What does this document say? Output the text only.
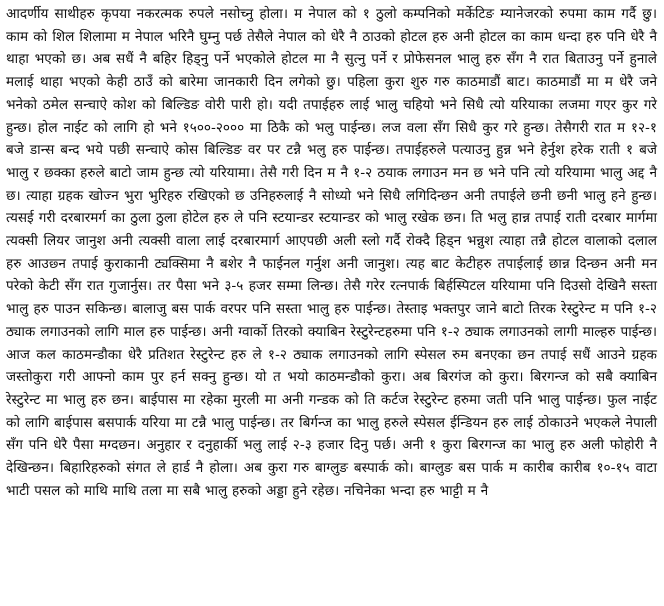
आदर्णीय साथीहरु कृपया नकरत्मक रुपले नसोच्नु होला। म नेपाल को १ ठुलो कम्पनिको मर्केटिङ म्यानेजरको रुपमा काम गर्दै छु। काम को शिल शिलामा म नेपाल भरिनै घुम्नु पर्छ तेसैले नेपाल को धेरै नै ठाउको होटल हरु अनी होटल का काम धन्दा हरु पनि धेरै नै थाहा भएको छ। अब सधैं नै बहिर हिड्नु पर्ने भएकोले होटल मा नै सुत्नु पर्ने र प्रोफेसनल भालु हरु सँग नै रात बिताउनु पर्ने हुनाले मलाई थाहा भएको केही ठाउँ को बारेमा जानकारी दिन लगेको छु। पहिला कुरा शुरु गरु काठमाडौं बाट। काठमाडौं मा म धेरै जने भनेको ठमेल सन्चाऐ कोश को बिल्डिङ वोरी पारी हो। यदी तपाईहरु लाई भालु चहियो भने सिधै त्यो यरियाका लजमा गएर कुर गरे हुन्छ। होल नाईट को लागि हो भने १५००-२००० मा ठिकै को भलु पाईन्छ। लज वला सँग सिधै कुर गरे हुन्छ। तेसैगरी रात म १२-१ बजे डान्स बन्द भये पछी सन्चाऐ कोस बिल्डिङ वर पर टन्नै भलु हरु पाईन्छ। तपाईहरुले पत्याउनु हुन्न भने हेर्नुश हरेक राती १ बजे भालु र छक्का हरुले बाटो जाम हुन्छ त्यो यरियामा। तेसै गरी दिन म नै १-२ ठयाक लगाउन मन छ भने पनि त्यो यरियामा भालु अद्द नै छ। त्याहा ग्रहक खोज्न भुरा भुरिहरु रखिएको छ उनिहरुलाई नै सोध्यो भने सिधै लगिदिन्छन अनी तपाईले छनी छनी भालु हने हुन्छ। त्यसई गरी दरबारमर्ग का ठुला ठुला होटेल हरु ले पनि स्टयान्डर स्टयान्डर को भालु रखेक छन। ति भलु हान्न तपाई राती दरबार मार्गमा त्यक्सी लियर जानुश अनी त्यक्सी वाला लाई दरबारमार्ग आएपछी अली स्लो गर्दै रोक्दै हिड्न भन्नुश त्याहा तन्नै होटल वालाको दलाल हरु आउछ्न तपाई कुराकानी ट्यक्सिमा नै बशेर नै फाईनल गर्नुश अनी जानुश। त्यह बाट केटीहरु तपाईलाई छान्न दिन्छन अनी मन परेको केटी सँग रात गुजार्नुस। तर पैसा भने ३-५ हजर सम्मा लिन्छ। तेसै गरेर रत्नपार्क बिर्हस्पिटल यरियामा पनि दिउसो देखिनै सस्ता भालु हरु पाउन सकिन्छ। बालाजु बस पार्क वरपर पनि सस्ता भालु हरु पाईन्छ। तेस्ताइ भक्तपुर जाने बाटो तिरक रेस्टुरेन्ट म पनि १-२ ठ्याक लगाउनको लागि माल हरु पाईन्छ। अनी ग्वार्को तिरको क्याबिन रेस्टुरेन्टहरुमा पनि १-२ ठ्याक लगाउनको लागी माल्हरु पाईन्छ। आज कल काठमन्डौका धेरै प्रतिशत रेस्टुरेन्ट हरु ले १-२ ठ्याक लगाउनको लागि स्पेसल रुम बनएका छन तपाई सधैं आउने ग्रहक जस्तोकुरा गरी आफ्नो काम पुर हर्न सक्नु हुन्छ। यो त भयो काठमन्डौको कुरा। अब बिरगंज को कुरा। बिरगन्ज को सबै क्याबिन रेस्टुरेन्ट मा भालु हरु छन। बाईपास मा रहेका मुरली मा अनी गन्डक को ति कर्टज रेस्टुरेन्ट हरुमा जती पनि भालु पाईन्छ। फुल नाईट को लागि बाईपास बसपार्क यरिया मा टन्नै भालु पाईन्छ। तर बिर्गन्ज का भालु हरुले स्पेसल ईन्डियन हरु लाई ठोकाउने भएकले नेपाली सँग पनि धेरै पैसा मग्दछन। अनुहार र दनुहार्की भलु लाई २-३ हजार दिनु पर्छ। अनी १ कुरा बिरगन्ज का भालु हरु अली फोहोरी नै देखिन्छन। बिहारिहरुको संगत ले हार्ड नै होला। अब कुरा गरु बाग्लुङ बस्पार्क को। बाग्लुङ बस पार्क म कारीब कारीब १०-१५ वाटा भाटी पसल को माथि माथि तला मा सबै भालु हरुको अड्डा हुने रहेछ। नचिनेका भन्दा हरु भाट्टी म नै
